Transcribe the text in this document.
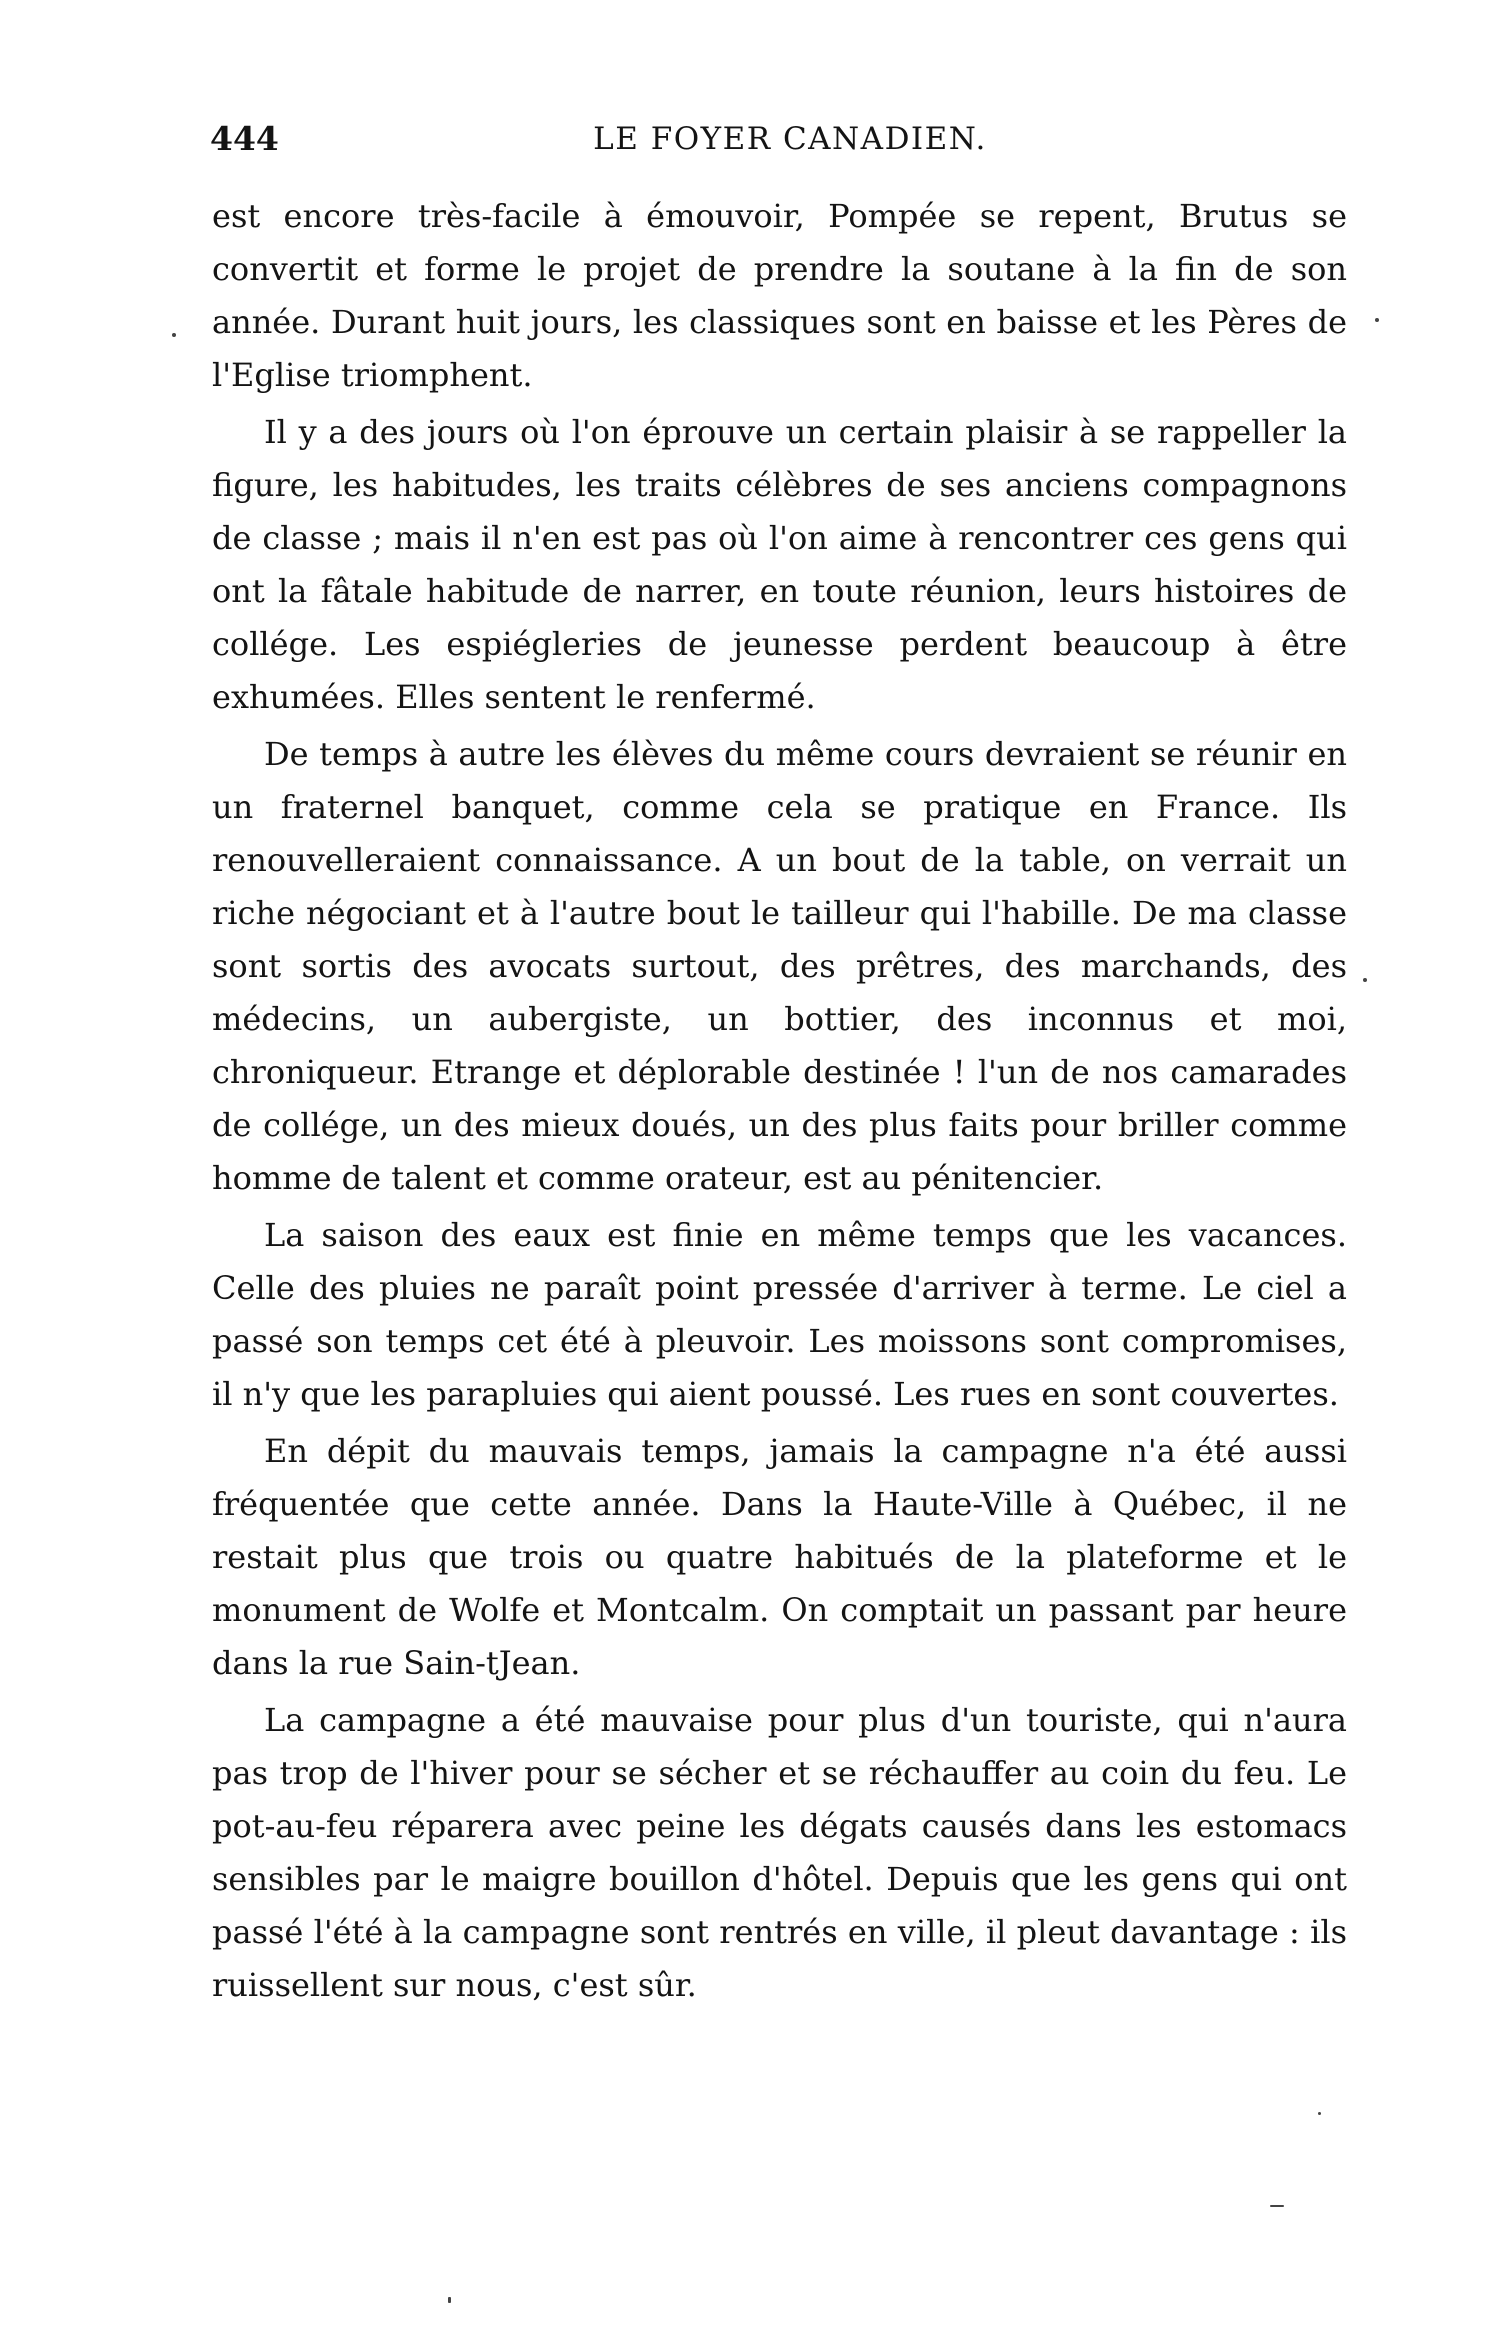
444	LE FOYER CANADIEN.

est encore très-facile à émouvoir, Pompée se repent, Brutus se convertit et forme le projet de prendre la soutane à la fin de son année. Durant huit jours, les classiques sont en baisse et les Pères de l'Eglise triomphent.

Il y a des jours où l'on éprouve un certain plaisir à se rappeller la figure, les habitudes, les traits célèbres de ses anciens compagnons de classe ; mais il n'en est pas où l'on aime à rencontrer ces gens qui ont la fâtale habitude de narrer, en toute réunion, leurs histoires de collége. Les espiégleries de jeunesse perdent beaucoup à être exhumées. Elles sentent le renfermé.

De temps à autre les élèves du même cours devraient se réunir en un fraternel banquet, comme cela se pratique en France. Ils renouvelleraient connaissance. A un bout de la table, on verrait un riche négociant et à l'autre bout le tailleur qui l'habille. De ma classe sont sortis des avocats surtout, des prêtres, des marchands, des médecins, un aubergiste, un bottier, des inconnus et moi, chroniqueur. Etrange et déplorable destinée ! l'un de nos camarades de collége, un des mieux doués, un des plus faits pour briller comme homme de talent et comme orateur, est au pénitencier.

La saison des eaux est finie en même temps que les vacances. Celle des pluies ne paraît point pressée d'arriver à terme. Le ciel a passé son temps cet été à pleuvoir. Les moissons sont compromises, il n'y que les parapluies qui aient poussé. Les rues en sont couvertes.

En dépit du mauvais temps, jamais la campagne n'a été aussi fréquentée que cette année. Dans la Haute-Ville à Québec, il ne restait plus que trois ou quatre habitués de la plateforme et le monument de Wolfe et Montcalm. On comptait un passant par heure dans la rue Sain-tJean.

La campagne a été mauvaise pour plus d'un touriste, qui n'aura pas trop de l'hiver pour se sécher et se réchauffer au coin du feu. Le pot-au-feu réparera avec peine les dégats causés dans les estomacs sensibles par le maigre bouillon d'hôtel. Depuis que les gens qui ont passé l'été à la campagne sont rentrés en ville, il pleut davantage : ils ruissellent sur nous, c'est sûr.
